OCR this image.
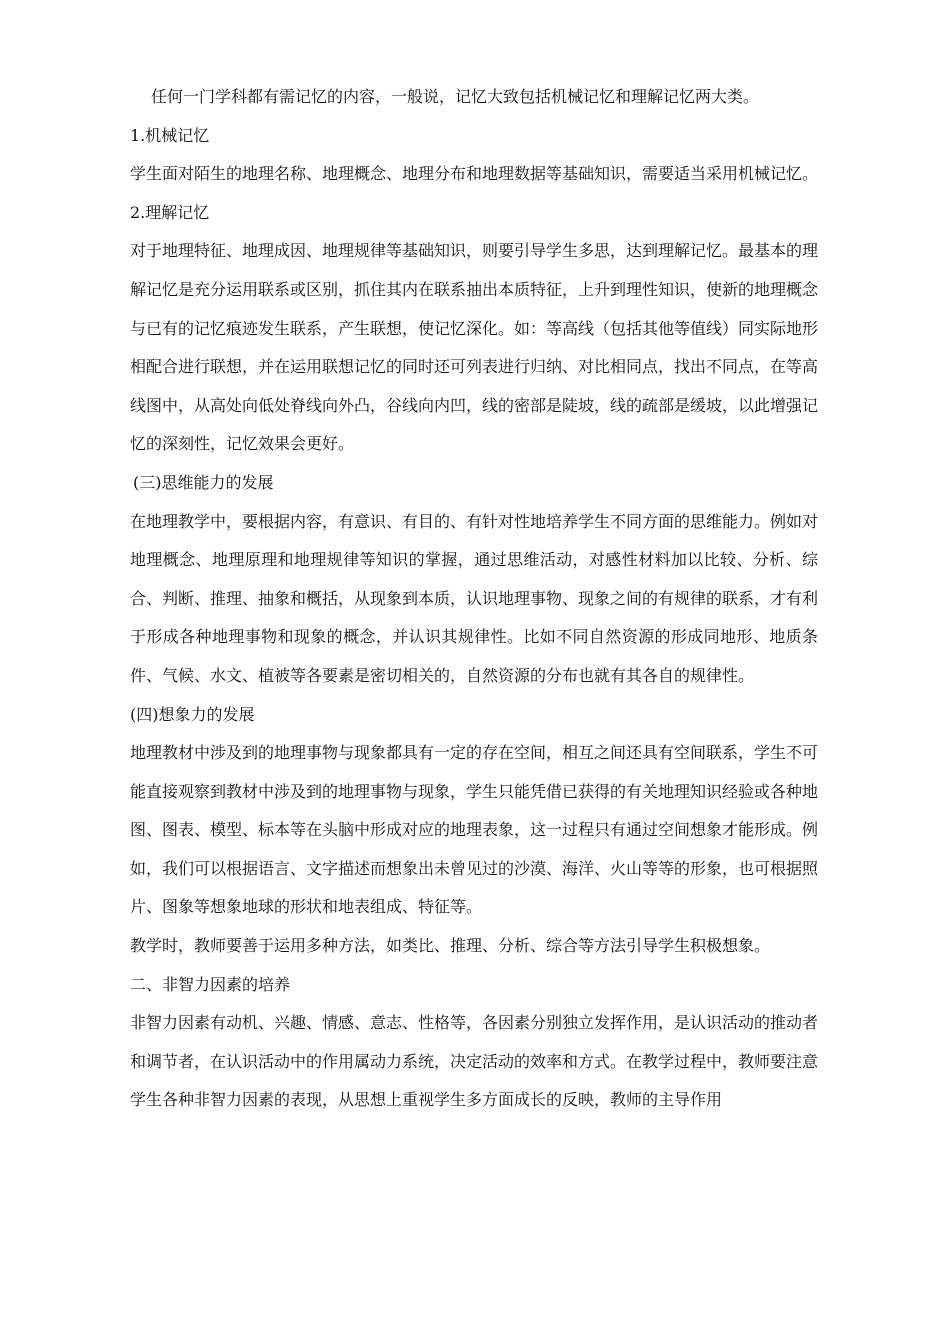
任何一门学科都有需记忆的内容，一般说，记忆大致包括机械记忆和理解记忆两大类。

1.机械记忆

学生面对陌生的地理名称、地理概念、地理分布和地理数据等基础知识，需要适当采用机械记忆。

2.理解记忆

对于地理特征、地理成因、地理规律等基础知识，则要引导学生多思，达到理解记忆。最基本的理解记忆是充分运用联系或区别，抓住其内在联系抽出本质特征，上升到理性知识，使新的地理概念与已有的记忆痕迹发生联系，产生联想，使记忆深化。如：等高线（包括其他等值线）同实际地形相配合进行联想，并在运用联想记忆的同时还可列表进行归纳、对比相同点，找出不同点，在等高线图中，从高处向低处脊线向外凸，谷线向内凹，线的密部是陡坡，线的疏部是缓坡，以此增强记忆的深刻性，记忆效果会更好。

(三)思维能力的发展

在地理教学中，要根据内容，有意识、有目的、有针对性地培养学生不同方面的思维能力。例如对地理概念、地理原理和地理规律等知识的掌握，通过思维活动，对感性材料加以比较、分析、综合、判断、推理、抽象和概括，从现象到本质，认识地理事物、现象之间的有规律的联系，才有利于形成各种地理事物和现象的概念，并认识其规律性。比如不同自然资源的形成同地形、地质条件、气候、水文、植被等各要素是密切相关的，自然资源的分布也就有其各自的规律性。

(四)想象力的发展

地理教材中涉及到的地理事物与现象都具有一定的存在空间，相互之间还具有空间联系，学生不可能直接观察到教材中涉及到的地理事物与现象，学生只能凭借已获得的有关地理知识经验或各种地图、图表、模型、标本等在头脑中形成对应的地理表象，这一过程只有通过空间想象才能形成。例如，我们可以根据语言、文字描述而想象出未曾见过的沙漠、海洋、火山等等的形象，也可根据照片、图象等想象地球的形状和地表组成、特征等。

教学时，教师要善于运用多种方法，如类比、推理、分析、综合等方法引导学生积极想象。

二、非智力因素的培养

非智力因素有动机、兴趣、情感、意志、性格等，各因素分别独立发挥作用，是认识活动的推动者和调节者，在认识活动中的作用属动力系统，决定活动的效率和方式。在教学过程中，教师要注意学生各种非智力因素的表现，从思想上重视学生多方面成长的反映，教师的主导作用
